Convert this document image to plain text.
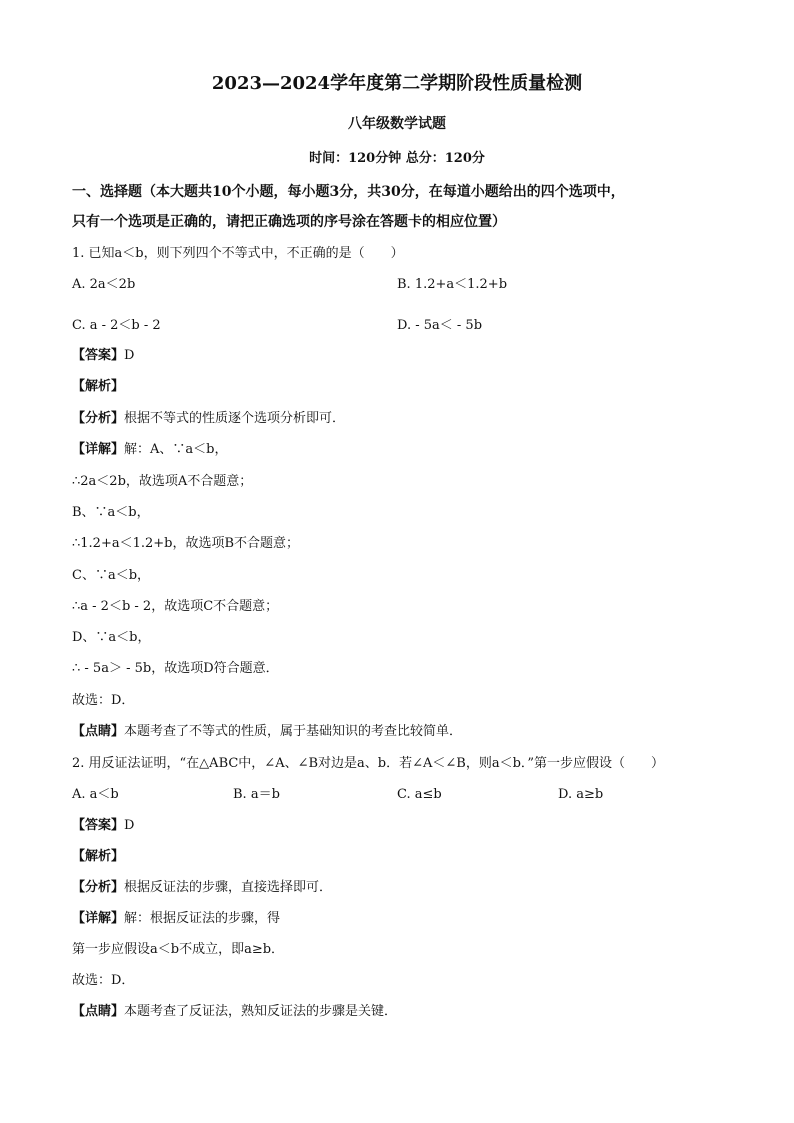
2023—2024学年度第二学期阶段性质量检测
八年级数学试题
时间：120分钟 总分：120分
一、选择题（本大题共10个小题，每小题3分，共30分，在每道小题给出的四个选项中，
只有一个选项是正确的，请把正确选项的序号涂在答题卡的相应位置）
1. 已知a＜b，则下列四个不等式中，不正确的是（　　）
A. 2a＜2b	B. 1.2+a＜1.2+b
C. a - 2＜b - 2	D. - 5a＜ - 5b
【答案】D
【解析】
【分析】根据不等式的性质逐个选项分析即可．
【详解】解：A、∵a＜b，
∴2a＜2b，故选项A不合题意；
B、∵a＜b，
∴1.2+a＜1.2+b，故选项B不合题意；
C、∵a＜b，
∴a - 2＜b - 2，故选项C不合题意；
D、∵a＜b，
∴ - 5a＞ - 5b，故选项D符合题意．
故选：D．
【点睛】本题考查了不等式的性质，属于基础知识的考查比较简单．
2. 用反证法证明，“在△ABC中，∠A、∠B对边是a、b．若∠A＜∠B，则a＜b．”第一步应假设（　　）
A. a＜b	B. a＝b	C. a≤b	D. a≥b
【答案】D
【解析】
【分析】根据反证法的步骤，直接选择即可．
【详解】解：根据反证法的步骤，得
第一步应假设a＜b不成立，即a≥b．
故选：D．
【点睛】本题考查了反证法，熟知反证法的步骤是关键．
